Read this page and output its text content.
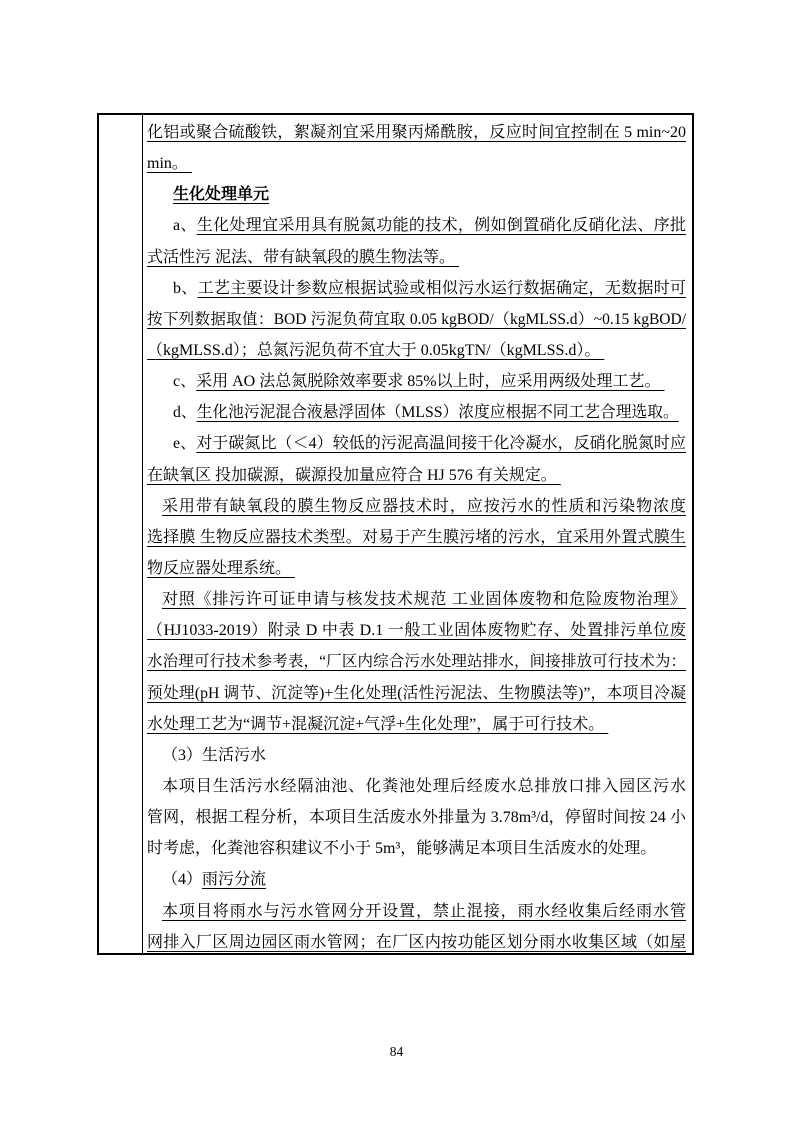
化铝或聚合硫酸铁，絮凝剂宜采用聚丙烯酰胺，反应时间宜控制在 5 min~20
min。
生化处理单元
a、生化处理宜采用具有脱氮功能的技术，例如倒置硝化反硝化法、序批
式活性污 泥法、带有缺氧段的膜生物法等。
b、工艺主要设计参数应根据试验或相似污水运行数据确定，无数据时可
按下列数据取值：BOD 污泥负荷宜取 0.05 kgBOD/（kgMLSS.d）~0.15 kgBOD/
（kgMLSS.d）；总氮污泥负荷不宜大于 0.05kgTN/（kgMLSS.d）。
c、采用 AO 法总氮脱除效率要求 85%以上时，应采用两级处理工艺。
d、生化池污泥混合液悬浮固体（MLSS）浓度应根据不同工艺合理选取。
e、对于碳氮比（＜4）较低的污泥高温间接干化冷凝水，反硝化脱氮时应
在缺氧区 投加碳源，碳源投加量应符合 HJ 576 有关规定。
采用带有缺氧段的膜生物反应器技术时，应按污水的性质和污染物浓度
选择膜 生物反应器技术类型。对易于产生膜污堵的污水，宜采用外置式膜生
物反应器处理系统。
对照《排污许可证申请与核发技术规范 工业固体废物和危险废物治理》
（HJ1033-2019）附录 D 中表 D.1 一般工业固体废物贮存、处置排污单位废
水治理可行技术参考表，“厂区内综合污水处理站排水，间接排放可行技术为：
预处理(pH 调节、沉淀等)+生化处理(活性污泥法、生物膜法等)”，本项目冷凝
水处理工艺为“调节+混凝沉淀+气浮+生化处理”，属于可行技术。
（3）生活污水
本项目生活污水经隔油池、化粪池处理后经废水总排放口排入园区污水
管网，根据工程分析，本项目生活废水外排量为 3.78m³/d，停留时间按 24 小
时考虑，化粪池容积建议不小于 5m³，能够满足本项目生活废水的处理。
（4）雨污分流
本项目将雨水与污水管网分开设置，禁止混接，雨水经收集后经雨水管
网排入厂区周边园区雨水管网；在厂区内按功能区划分雨水收集区域（如屋
84
